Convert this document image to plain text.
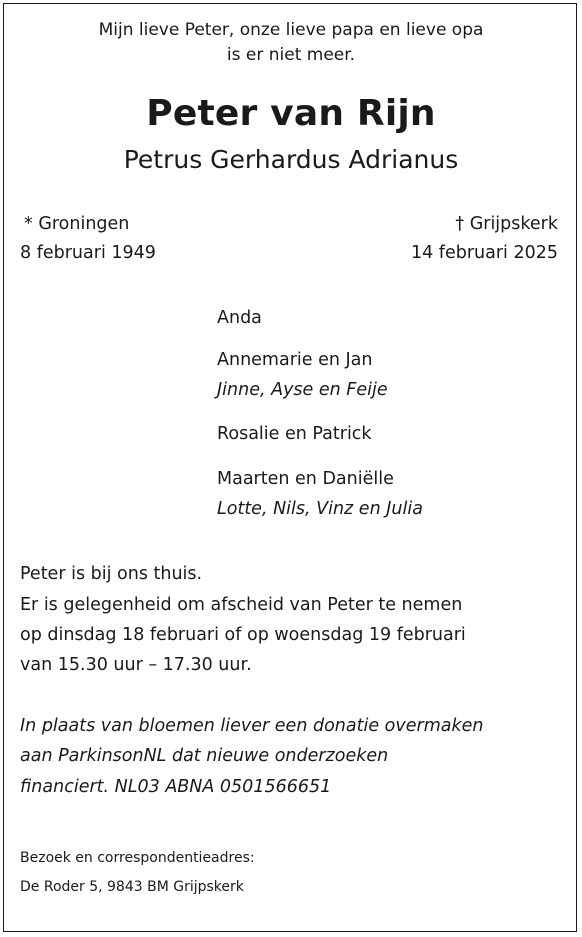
Mijn lieve Peter, onze lieve papa en lieve opa
is er niet meer.
Peter van Rijn
Petrus Gerhardus Adrianus
* Groningen
8 februari 1949
† Grijpskerk
14 februari 2025
Anda
Annemarie en Jan
Jinne, Ayse en Feije
Rosalie en Patrick
Maarten en Daniëlle
Lotte, Nils, Vinz en Julia
Peter is bij ons thuis.
Er is gelegenheid om afscheid van Peter te nemen
op dinsdag 18 februari of op woensdag 19 februari
van 15.30 uur – 17.30 uur.
In plaats van bloemen liever een donatie overmaken
aan ParkinsonNL dat nieuwe onderzoeken
financiert. NL03 ABNA 0501566651
Bezoek en correspondentieadres:
De Roder 5, 9843 BM Grijpskerk
